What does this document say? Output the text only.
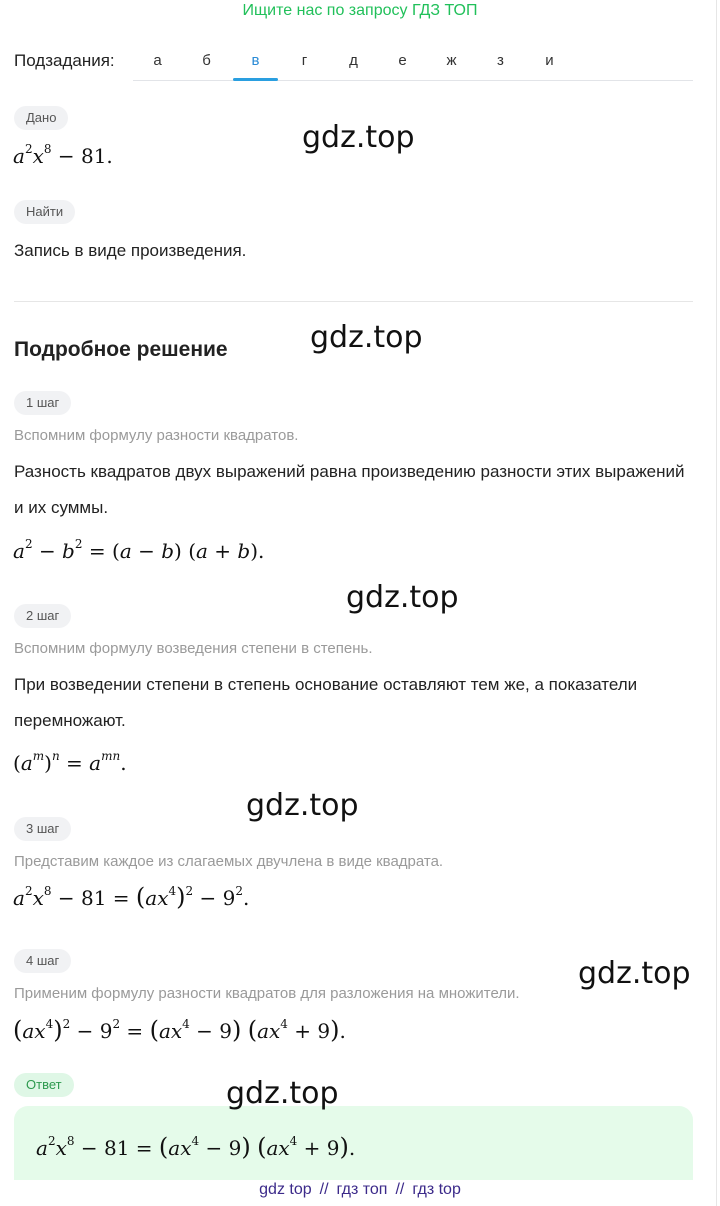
Ищите нас по запросу ГДЗ ТОП
Подзадания:	а	б	в	г	д	е	ж	з	и
Дано
$a^2x^8 - 81$.
Найти
Запись в виде произведения.
Подробное решение
1 шаг
Вспомним формулу разности квадратов.
Разность квадратов двух выражений равна произведению разности этих выражений и их суммы.
$a^2 - b^2 = (a - b) (a + b)$.
2 шаг
Вспомним формулу возведения степени в степень.
При возведении степени в степень основание оставляют тем же, а показатели перемножают.
$(a^m)^n = a^{mn}$.
3 шаг
Представим каждое из слагаемых двучлена в виде квадрата.
$a^2x^8 - 81 = (ax^4)^2 - 9^2$.
4 шаг
Применим формулу разности квадратов для разложения на множители.
$(ax^4)^2 - 9^2 = (ax^4 - 9) (ax^4 + 9)$.
Ответ
$a^2x^8 - 81 = (ax^4 - 9) (ax^4 + 9)$.
gdz.top
gdz.top
gdz.top
gdz.top
gdz.top
gdz.top
gdz top // гдз топ // гдз top
